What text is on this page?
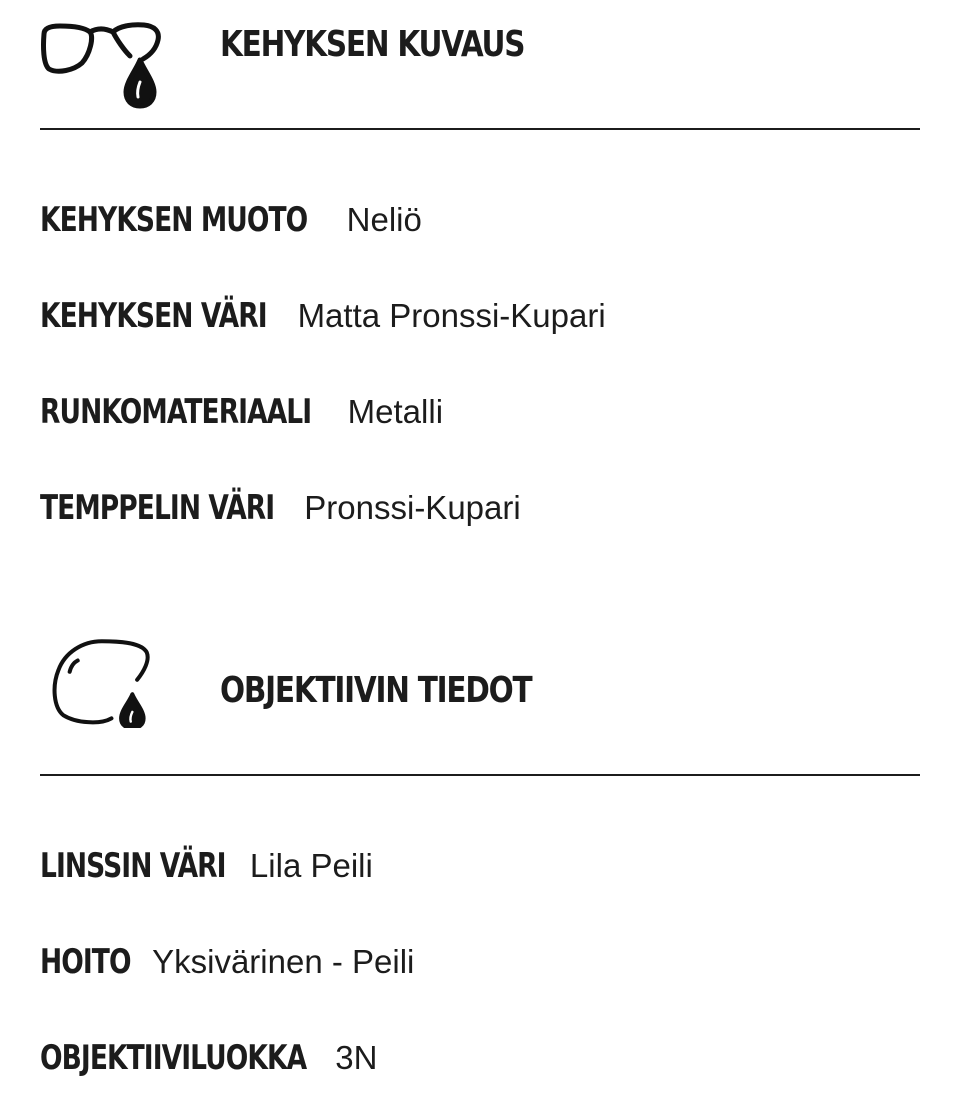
KEHYKSEN KUVAUS
KEHYKSEN MUOTO Neliö
KEHYKSEN VÄRI Matta Pronssi-Kupari
RUNKOMATERIAALI Metalli
TEMPPELIN VÄRI Pronssi-Kupari
OBJEKTIIVIN TIEDOT
LINSSIN VÄRI Lila Peili
HOITO Yksivärinen - Peili
OBJEKTIIVILUOKKA 3N
